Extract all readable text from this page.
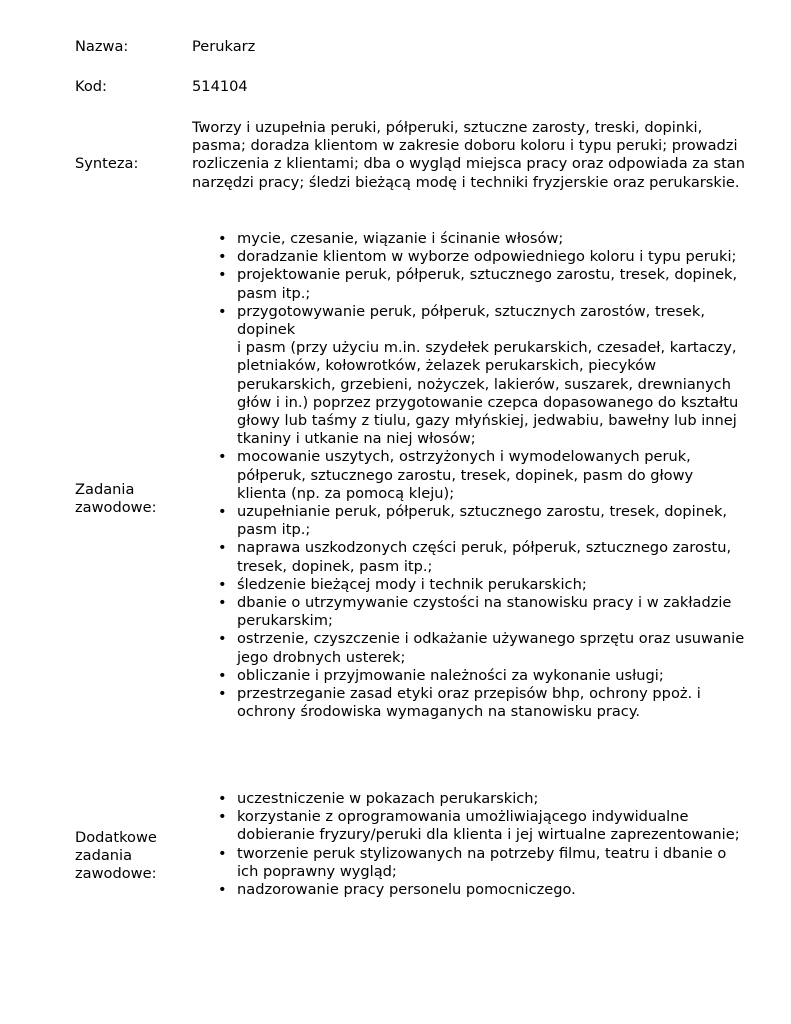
Nazwa:	Perukarz
Kod:	514104
Synteza:
Tworzy i uzupełnia peruki, półperuki, sztuczne zarosty, treski, dopinki, pasma; doradza klientom w zakresie doboru koloru i typu peruki; prowadzi rozliczenia z klientami; dba o wygląd miejsca pracy oraz odpowiada za stan narzędzi pracy; śledzi bieżącą modę i techniki fryzjerskie oraz perukarskie.
Zadania zawodowe:
• mycie, czesanie, wiązanie i ścinanie włosów;
• doradzanie klientom w wyborze odpowiedniego koloru i typu peruki;
• projektowanie peruk, półperuk, sztucznego zarostu, tresek, dopinek, pasm itp.;
• przygotowywanie peruk, półperuk, sztucznych zarostów, tresek, dopinek
i pasm (przy użyciu m.in. szydełek perukarskich, czesadeł, kartaczy, pletniaków, kołowrotków, żelazek perukarskich, piecyków perukarskich, grzebieni, nożyczek, lakierów, suszarek, drewnianych głów i in.) poprzez przygotowanie czepca dopasowanego do kształtu głowy lub taśmy z tiulu, gazy młyńskiej, jedwabiu, bawełny lub innej tkaniny i utkanie na niej włosów;
• mocowanie uszytych, ostrzyżonych i wymodelowanych peruk, półperuk, sztucznego zarostu, tresek, dopinek, pasm do głowy klienta (np. za pomocą kleju);
• uzupełnianie peruk, półperuk, sztucznego zarostu, tresek, dopinek, pasm itp.;
• naprawa uszkodzonych części peruk, półperuk, sztucznego zarostu, tresek, dopinek, pasm itp.;
• śledzenie bieżącej mody i technik perukarskich;
• dbanie o utrzymywanie czystości na stanowisku pracy i w zakładzie perukarskim;
• ostrzenie, czyszczenie i odkażanie używanego sprzętu oraz usuwanie jego drobnych usterek;
• obliczanie i przyjmowanie należności za wykonanie usługi;
• przestrzeganie zasad etyki oraz przepisów bhp, ochrony ppoż. i ochrony środowiska wymaganych na stanowisku pracy.
Dodatkowe zadania zawodowe:
• uczestniczenie w pokazach perukarskich;
• korzystanie z oprogramowania umożliwiającego indywidualne dobieranie fryzury/peruki dla klienta i jej wirtualne zaprezentowanie;
• tworzenie peruk stylizowanych na potrzeby filmu, teatru i dbanie o ich poprawny wygląd;
• nadzorowanie pracy personelu pomocniczego.
